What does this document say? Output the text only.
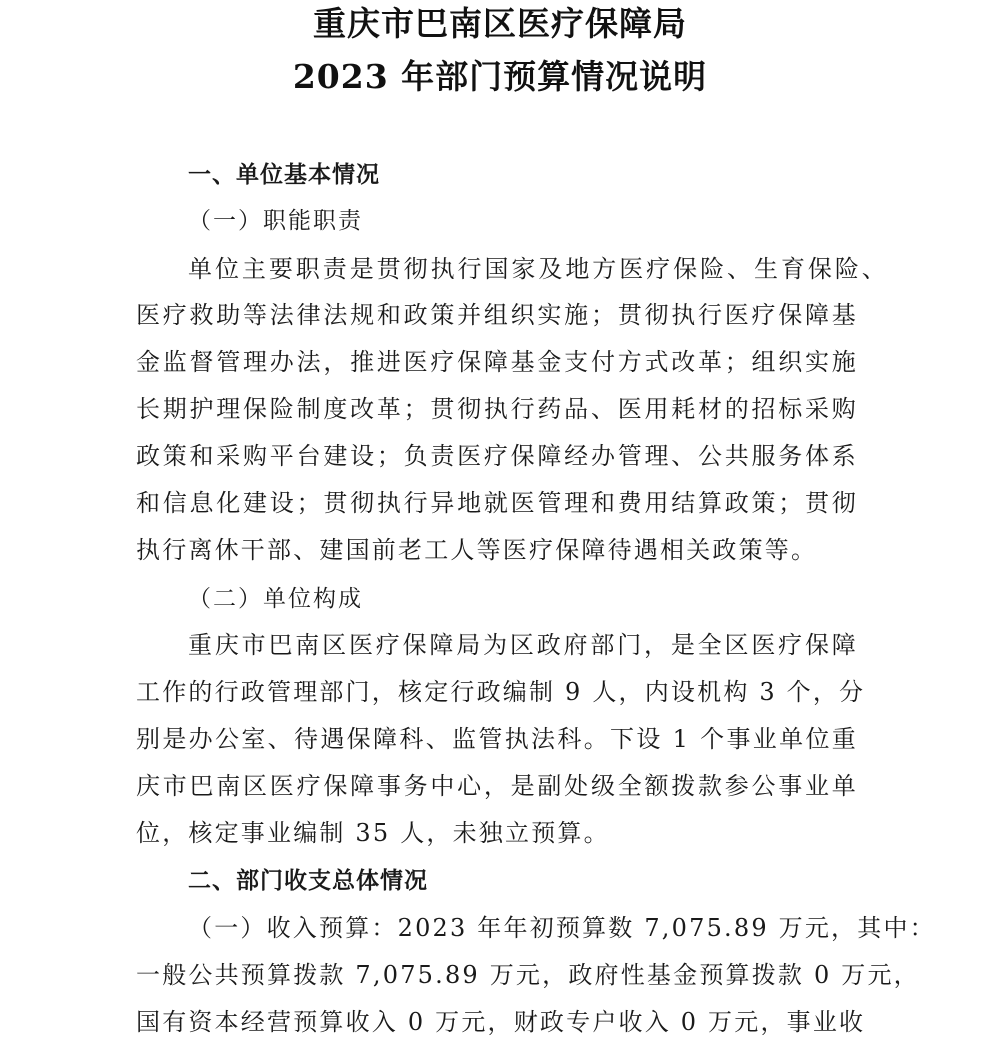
重庆市巴南区医疗保障局
2023 年部门预算情况说明
一、单位基本情况
（一）职能职责
单位主要职责是贯彻执行国家及地方医疗保险、生育保险、
医疗救助等法律法规和政策并组织实施；贯彻执行医疗保障基
金监督管理办法，推进医疗保障基金支付方式改革；组织实施
长期护理保险制度改革；贯彻执行药品、医用耗材的招标采购
政策和采购平台建设；负责医疗保障经办管理、公共服务体系
和信息化建设；贯彻执行异地就医管理和费用结算政策；贯彻
执行离休干部、建国前老工人等医疗保障待遇相关政策等。
（二）单位构成
重庆市巴南区医疗保障局为区政府部门，是全区医疗保障
工作的行政管理部门，核定行政编制 9 人，内设机构 3 个，分
别是办公室、待遇保障科、监管执法科。下设 1 个事业单位重
庆市巴南区医疗保障事务中心，是副处级全额拨款参公事业单
位，核定事业编制 35 人，未独立预算。
二、部门收支总体情况
（一）收入预算：2023 年年初预算数 7,075.89 万元，其中：
一般公共预算拨款 7,075.89 万元，政府性基金预算拨款 0 万元，
国有资本经营预算收入 0 万元，财政专户收入 0 万元，事业收
